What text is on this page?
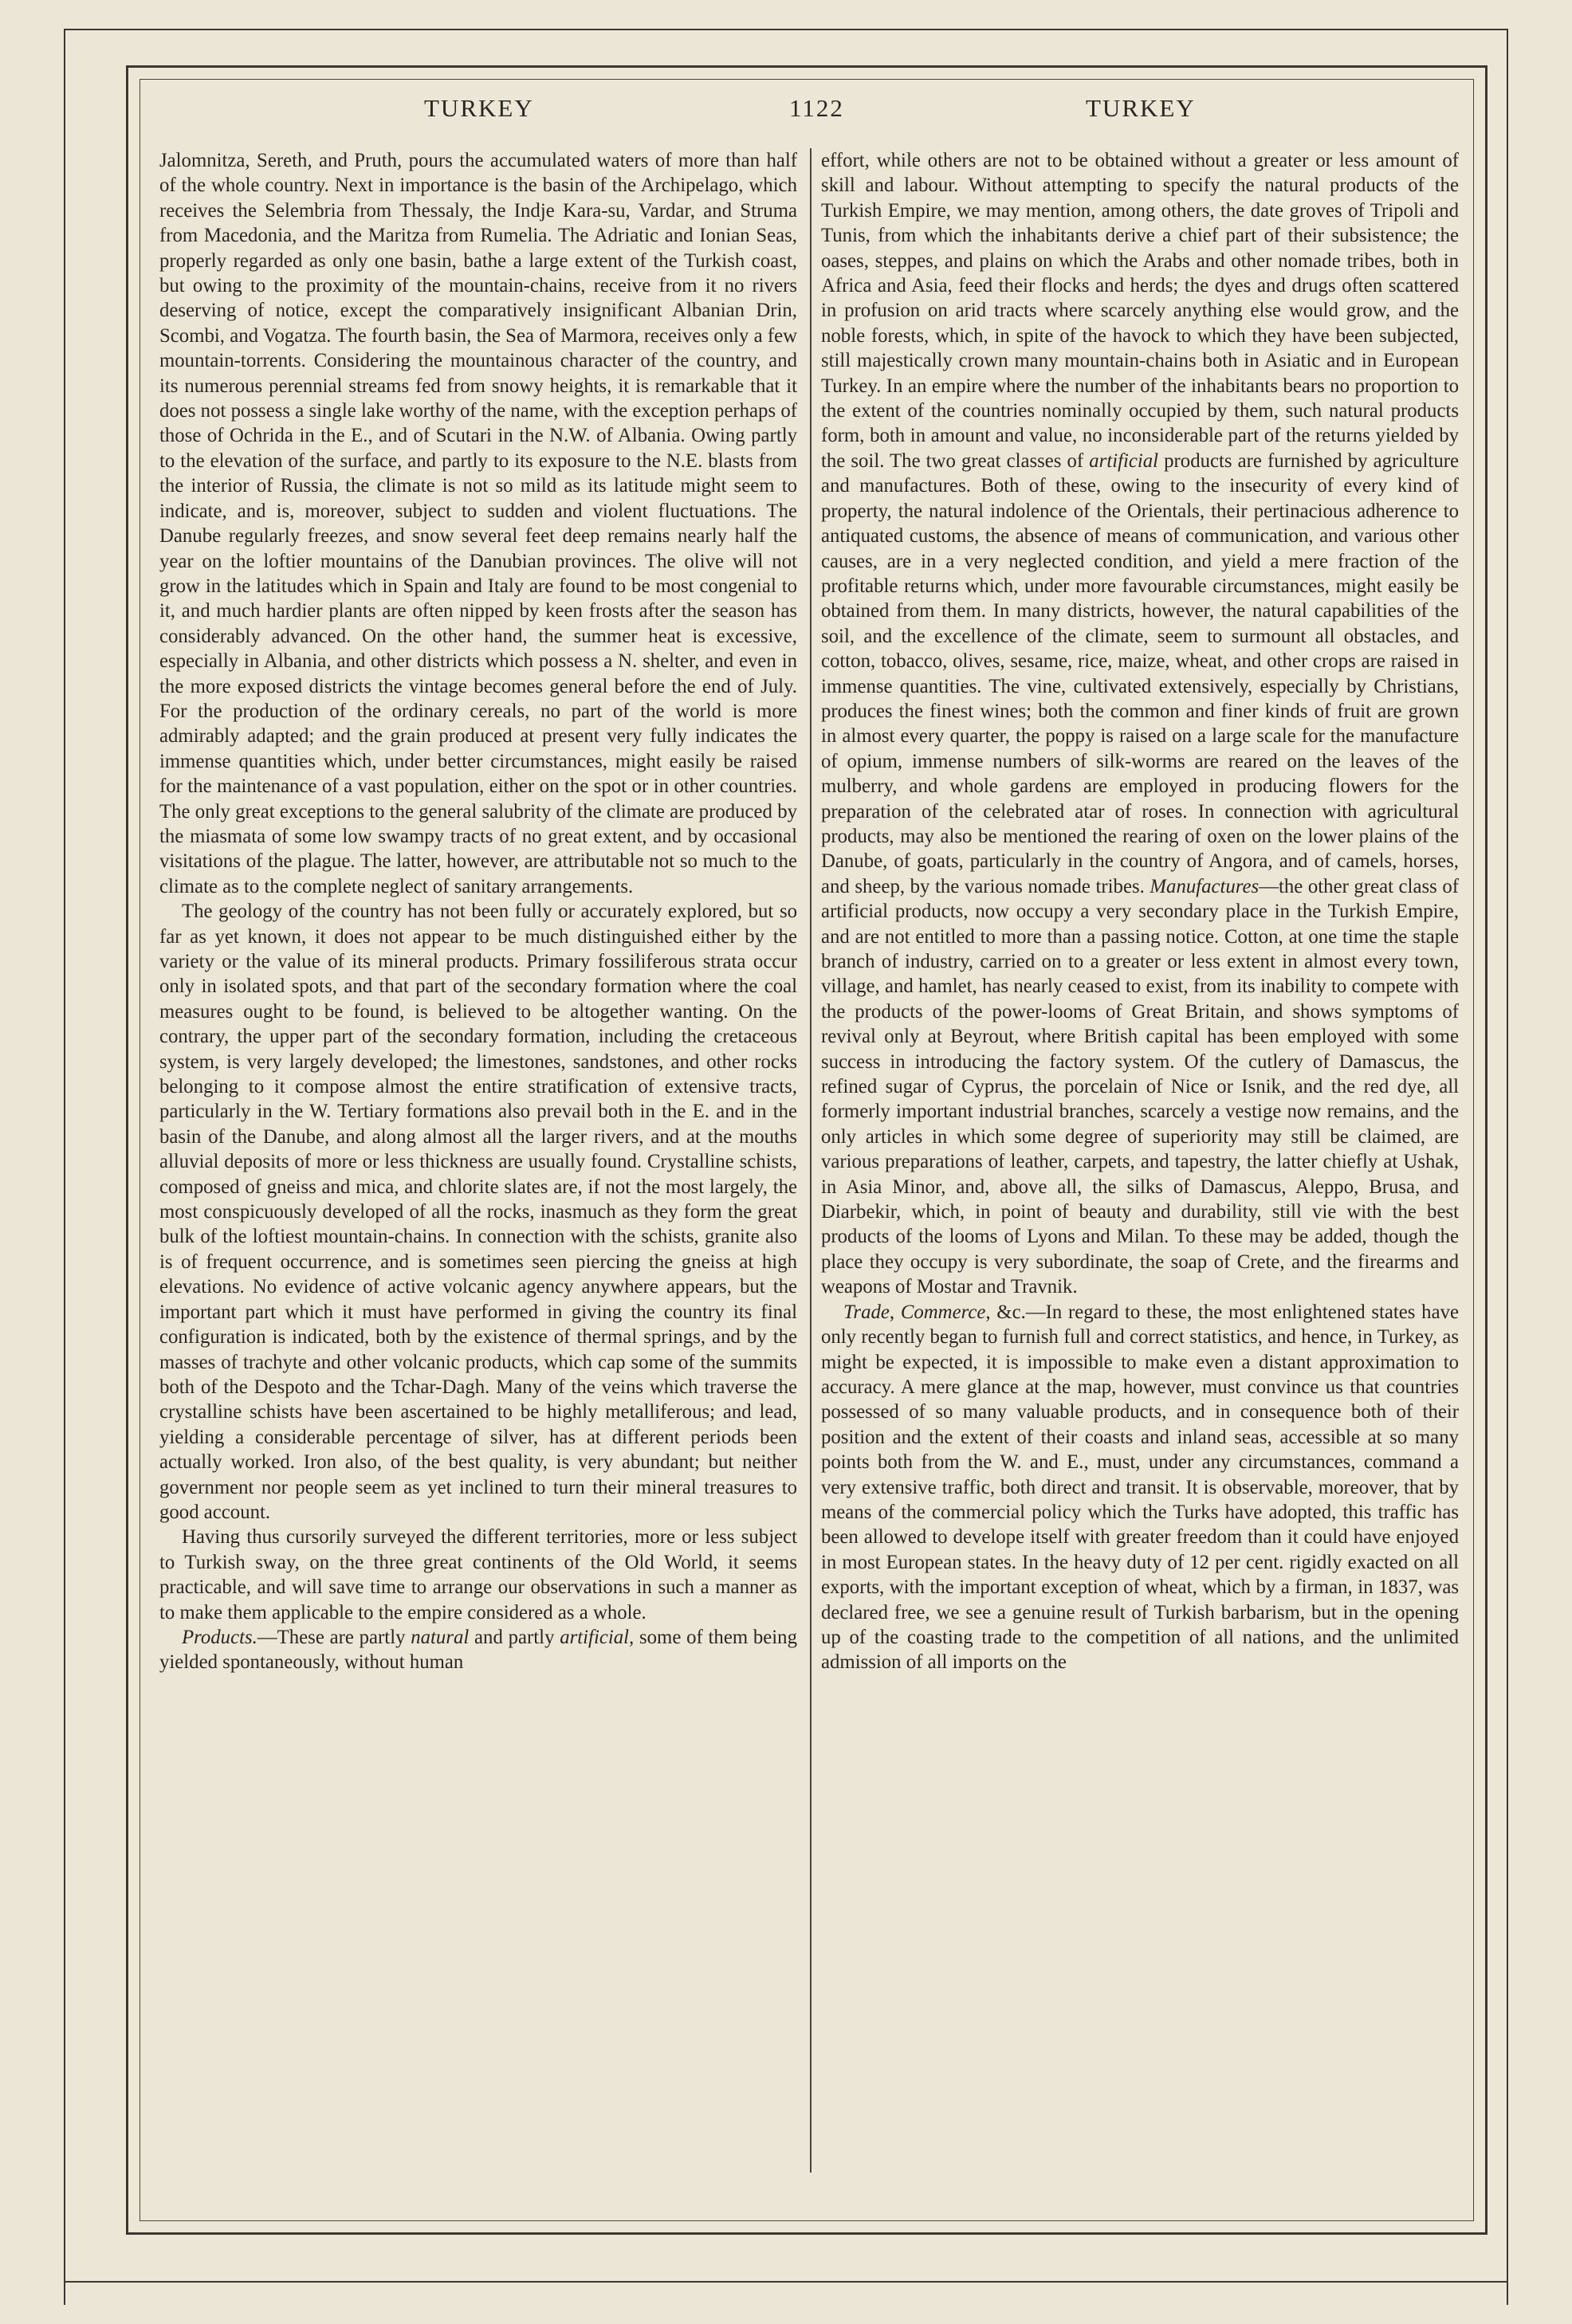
TURKEY	1122	TURKEY

Jalomnitza, Sereth, and Pruth, pours the accumulated waters of more than half of the whole country. Next in importance is the basin of the Archipelago, which receives the Selembria from Thessaly, the Indje Kara-su, Vardar, and Struma from Macedonia, and the Maritza from Rumelia. The Adriatic and Ionian Seas, properly regarded as only one basin, bathe a large extent of the Turkish coast, but owing to the proximity of the mountain-chains, receive from it no rivers deserving of notice, except the comparatively insignificant Albanian Drin, Scombi, and Vogatza. The fourth basin, the Sea of Marmora, receives only a few mountain-torrents. Considering the mountainous character of the country, and its numerous perennial streams fed from snowy heights, it is remarkable that it does not possess a single lake worthy of the name, with the exception perhaps of those of Ochrida in the E., and of Scutari in the N.W. of Albania. Owing partly to the elevation of the surface, and partly to its exposure to the N.E. blasts from the interior of Russia, the climate is not so mild as its latitude might seem to indicate, and is, moreover, subject to sudden and violent fluctuations. The Danube regularly freezes, and snow several feet deep remains nearly half the year on the loftier mountains of the Danubian provinces. The olive will not grow in the latitudes which in Spain and Italy are found to be most congenial to it, and much hardier plants are often nipped by keen frosts after the season has considerably advanced. On the other hand, the summer heat is excessive, especially in Albania, and other districts which possess a N. shelter, and even in the more exposed districts the vintage becomes general before the end of July. For the production of the ordinary cereals, no part of the world is more admirably adapted; and the grain produced at present very fully indicates the immense quantities which, under better circumstances, might easily be raised for the maintenance of a vast population, either on the spot or in other countries. The only great exceptions to the general salubrity of the climate are produced by the miasmata of some low swampy tracts of no great extent, and by occasional visitations of the plague. The latter, however, are attributable not so much to the climate as to the complete neglect of sanitary arrangements.

The geology of the country has not been fully or accurately explored, but so far as yet known, it does not appear to be much distinguished either by the variety or the value of its mineral products. Primary fossiliferous strata occur only in isolated spots, and that part of the secondary formation where the coal measures ought to be found, is believed to be altogether wanting. On the contrary, the upper part of the secondary formation, including the cretaceous system, is very largely developed; the limestones, sandstones, and other rocks belonging to it compose almost the entire stratification of extensive tracts, particularly in the W. Tertiary formations also prevail both in the E. and in the basin of the Danube, and along almost all the larger rivers, and at the mouths alluvial deposits of more or less thickness are usually found. Crystalline schists, composed of gneiss and mica, and chlorite slates are, if not the most largely, the most conspicuously developed of all the rocks, inasmuch as they form the great bulk of the loftiest mountain-chains. In connection with the schists, granite also is of frequent occurrence, and is sometimes seen piercing the gneiss at high elevations. No evidence of active volcanic agency anywhere appears, but the important part which it must have performed in giving the country its final configuration is indicated, both by the existence of thermal springs, and by the masses of trachyte and other volcanic products, which cap some of the summits both of the Despoto and the Tchar-Dagh. Many of the veins which traverse the crystalline schists have been ascertained to be highly metalliferous; and lead, yielding a considerable percentage of silver, has at different periods been actually worked. Iron also, of the best quality, is very abundant; but neither government nor people seem as yet inclined to turn their mineral treasures to good account.

Having thus cursorily surveyed the different territories, more or less subject to Turkish sway, on the three great continents of the Old World, it seems practicable, and will save time to arrange our observations in such a manner as to make them applicable to the empire considered as a whole.

Products.—These are partly natural and partly artificial, some of them being yielded spontaneously, without human

effort, while others are not to be obtained without a greater or less amount of skill and labour. Without attempting to specify the natural products of the Turkish Empire, we may mention, among others, the date groves of Tripoli and Tunis, from which the inhabitants derive a chief part of their subsistence; the oases, steppes, and plains on which the Arabs and other nomade tribes, both in Africa and Asia, feed their flocks and herds; the dyes and drugs often scattered in profusion on arid tracts where scarcely anything else would grow, and the noble forests, which, in spite of the havock to which they have been subjected, still majestically crown many mountain-chains both in Asiatic and in European Turkey. In an empire where the number of the inhabitants bears no proportion to the extent of the countries nominally occupied by them, such natural products form, both in amount and value, no inconsiderable part of the returns yielded by the soil. The two great classes of artificial products are furnished by agriculture and manufactures. Both of these, owing to the insecurity of every kind of property, the natural indolence of the Orientals, their pertinacious adherence to antiquated customs, the absence of means of communication, and various other causes, are in a very neglected condition, and yield a mere fraction of the profitable returns which, under more favourable circumstances, might easily be obtained from them. In many districts, however, the natural capabilities of the soil, and the excellence of the climate, seem to surmount all obstacles, and cotton, tobacco, olives, sesame, rice, maize, wheat, and other crops are raised in immense quantities. The vine, cultivated extensively, especially by Christians, produces the finest wines; both the common and finer kinds of fruit are grown in almost every quarter, the poppy is raised on a large scale for the manufacture of opium, immense numbers of silk-worms are reared on the leaves of the mulberry, and whole gardens are employed in producing flowers for the preparation of the celebrated atar of roses. In connection with agricultural products, may also be mentioned the rearing of oxen on the lower plains of the Danube, of goats, particularly in the country of Angora, and of camels, horses, and sheep, by the various nomade tribes. Manufactures—the other great class of artificial products, now occupy a very secondary place in the Turkish Empire, and are not entitled to more than a passing notice. Cotton, at one time the staple branch of industry, carried on to a greater or less extent in almost every town, village, and hamlet, has nearly ceased to exist, from its inability to compete with the products of the power-looms of Great Britain, and shows symptoms of revival only at Beyrout, where British capital has been employed with some success in introducing the factory system. Of the cutlery of Damascus, the refined sugar of Cyprus, the porcelain of Nice or Isnik, and the red dye, all formerly important industrial branches, scarcely a vestige now remains, and the only articles in which some degree of superiority may still be claimed, are various preparations of leather, carpets, and tapestry, the latter chiefly at Ushak, in Asia Minor, and, above all, the silks of Damascus, Aleppo, Brusa, and Diarbekir, which, in point of beauty and durability, still vie with the best products of the looms of Lyons and Milan. To these may be added, though the place they occupy is very subordinate, the soap of Crete, and the firearms and weapons of Mostar and Travnik.

Trade, Commerce, &c.—In regard to these, the most enlightened states have only recently began to furnish full and correct statistics, and hence, in Turkey, as might be expected, it is impossible to make even a distant approximation to accuracy. A mere glance at the map, however, must convince us that countries possessed of so many valuable products, and in consequence both of their position and the extent of their coasts and inland seas, accessible at so many points both from the W. and E., must, under any circumstances, command a very extensive traffic, both direct and transit. It is observable, moreover, that by means of the commercial policy which the Turks have adopted, this traffic has been allowed to develope itself with greater freedom than it could have enjoyed in most European states. In the heavy duty of 12 per cent. rigidly exacted on all exports, with the important exception of wheat, which by a firman, in 1837, was declared free, we see a genuine result of Turkish barbarism, but in the opening up of the coasting trade to the competition of all nations, and the unlimited admission of all imports on the
